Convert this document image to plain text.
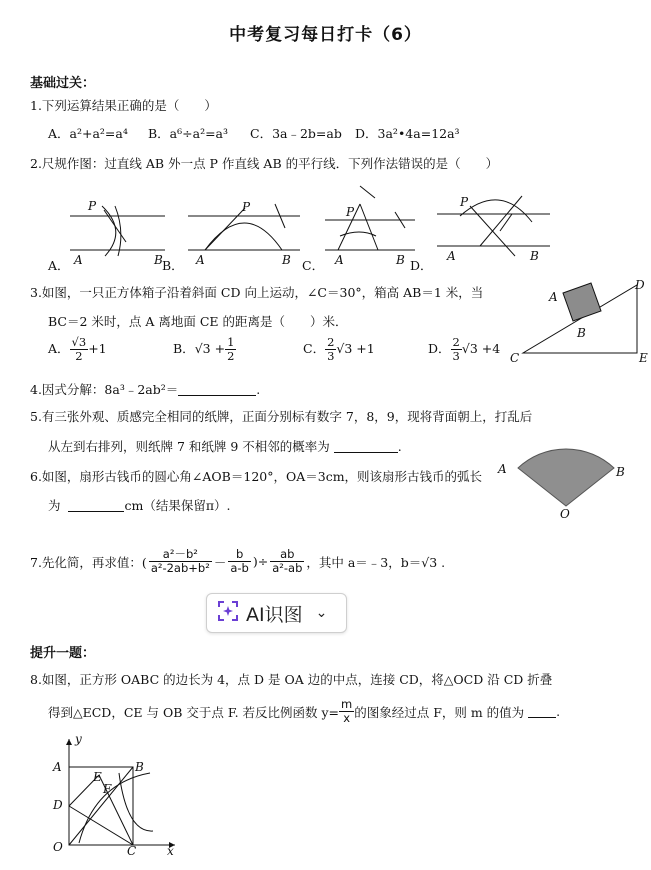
中考复习每日打卡（6）
基础过关：
1.下列运算结果正确的是（　　）
A．a²+a²=a⁴ B．a⁶÷a²=a³ C．3a﹣2b=ab D．3a²•4a=12a³
2.尺规作图：过直线 AB 外一点 P 作直线 AB 的平行线．下列作法错误的是（　　）
P
A	B
P
A	B
P
A	B
P
A	B
A．	B．	C．	D．
3.如图，一只正方体箱子沿着斜面 CD 向上运动，∠C＝30°，箱高 AB＝1 米，当
BC＝2 米时，点 A 离地面 CE 的距离是（　　）米．
A． $\frac{√3}{2} +1$	B．$√3 + \frac{1}{2}$	C． $\frac{2}{3} √3 +1$	D． $\frac{2}{3} √3 +4$
A
B
C
D
E
4.因式分解：8a³﹣2ab²＝	.
5.有三张外观、质感完全相同的纸牌，正面分别标有数字 7，8，9，现将背面朝上，打乱后
从左到右排列，则纸牌 7 和纸牌 9 不相邻的概率为	.
6.如图，扇形古钱币的圆心角∠AOB＝120°，OA＝3cm，则该扇形古钱币的弧长
为	cm（结果保留π）.
A	B
O
7.先化简，再求值：( $\frac{\text{a²－b²}}{\text{a²-2ab+b²}} - \frac{b}{a-b}$ )÷ $\frac{ab}{\text{a²-ab}}$ ，其中 a＝﹣3，b＝√3 .
AI识图 ⌄
提升一题：
8.如图，正方形 OABC 的边长为 4，点 D 是 OA 边的中点，连接 CD，将△OCD 沿 CD 折叠
得到△ECD，CE 与 OB 交于点 F. 若反比例函数 $y= \frac{m}{x}$ 的图象经过点 F，则 m 的值为
	.
y
A	B
E
F
D
O	C	x
